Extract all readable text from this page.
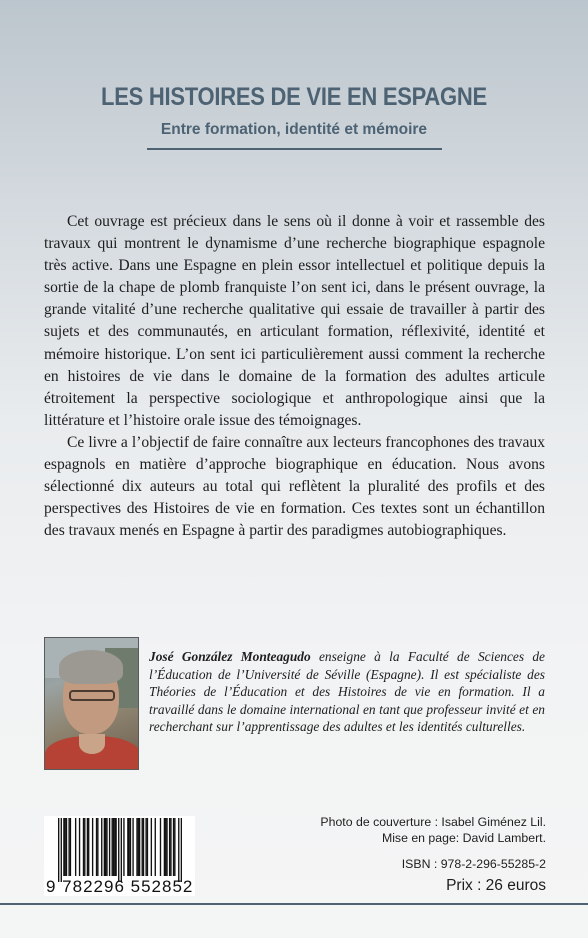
LES HISTOIRES DE VIE EN ESPAGNE
Entre formation, identité et mémoire

Cet ouvrage est précieux dans le sens où il donne à voir et rassemble des travaux qui montrent le dynamisme d’une recherche biographique espagnole très active. Dans une Espagne en plein essor intellectuel et politique depuis la sortie de la chape de plomb franquiste l’on sent ici, dans le présent ouvrage, la grande vitalité d’une recherche qualitative qui essaie de travailler à partir des sujets et des communautés, en articulant formation, réflexivité, identité et mémoire historique. L’on sent ici particulièrement aussi comment la recherche en histoires de vie dans le domaine de la formation des adultes articule étroitement la perspective sociologique et anthropologique ainsi que la littérature et l’histoire orale issue des témoignages.

Ce livre a l’objectif de faire connaître aux lecteurs francophones des travaux espagnols en matière d’approche biographique en éducation. Nous avons sélectionné dix auteurs au total qui reflètent la pluralité des profils et des perspectives des Histoires de vie en formation. Ces textes sont un échantillon des travaux menés en Espagne à partir des paradigmes autobiographiques.

José González Monteagudo enseigne à la Faculté de Sciences de l’Éducation de l’Université de Séville (Espagne). Il est spécialiste des Théories de l’Éducation et des Histoires de vie en formation. Il a travaillé dans le domaine international en tant que professeur invité et en recherchant sur l’apprentissage des adultes et les identités culturelles.
9 782296 552852
Photo de couverture : Isabel Giménez Lil.
Mise en page: David Lambert.
ISBN : 978-2-296-55285-2
Prix : 26 euros
